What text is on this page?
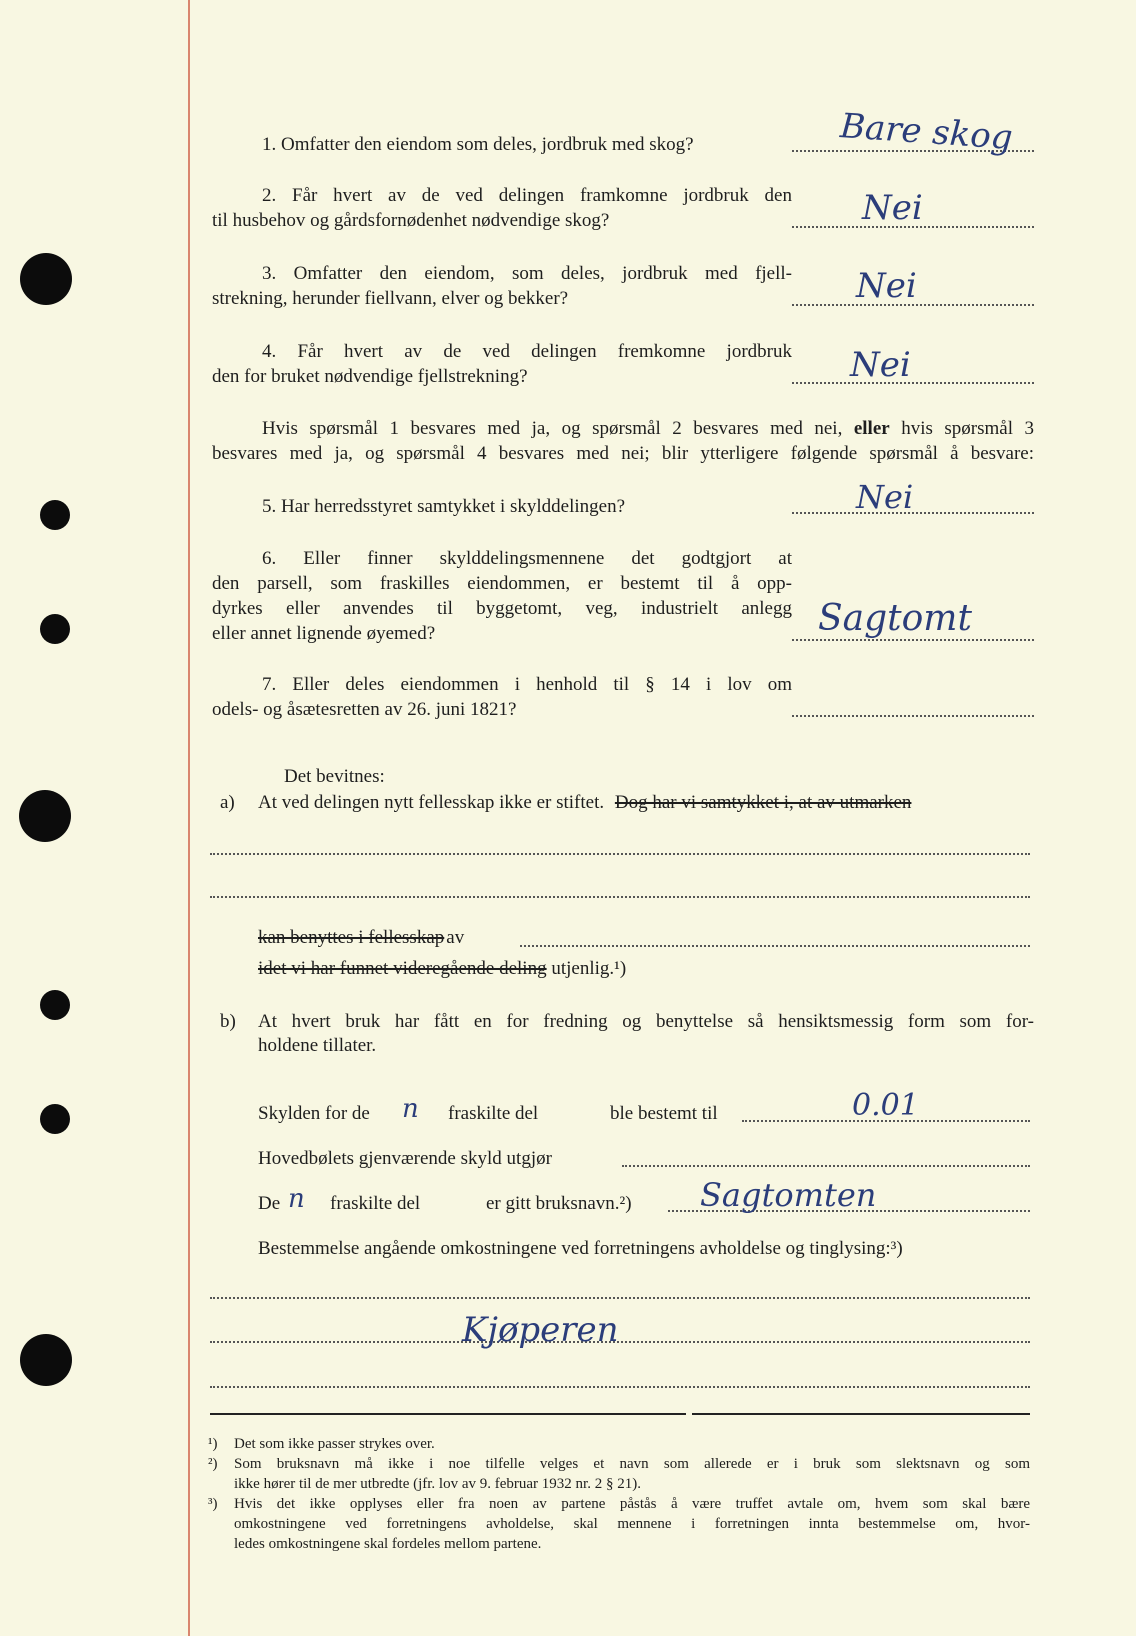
1. Omfatter den eiendom som deles, jordbruk med skog?	Bare skog
2. Får hvert av de ved delingen framkomne jordbruk den
til husbehov og gårdsfornødenhet nødvendige skog?	Nei
3. Omfatter den eiendom, som deles, jordbruk med fjell-
strekning, herunder fiellvann, elver og bekker?	Nei
4. Får hvert av de ved delingen fremkomne jordbruk
den for bruket nødvendige fjellstrekning?	Nei
Hvis spørsmål 1 besvares med ja, og spørsmål 2 besvares med nei, eller hvis spørsmål 3
besvares med ja, og spørsmål 4 besvares med nei; blir ytterligere følgende spørsmål å besvare:
5. Har herredsstyret samtykket i skylddelingen?	Nei
6. Eller finner skylddelingsmennene det godtgjort at
den parsell, som fraskilles eiendommen, er bestemt til å opp-
dyrkes eller anvendes til byggetomt, veg, industrielt anlegg
eller annet lignende øyemed?	Sagtomt
7. Eller deles eiendommen i henhold til § 14 i lov om
odels- og åsætesretten av 26. juni 1821?
Det bevitnes:
a) At ved delingen nytt fellesskap ikke er stiftet. Dog har vi samtykket i, at av utmarken
kan benyttes i fellesskap av
idet vi har funnet videregående deling utjenlig.¹)
b) At hvert bruk har fått en for fredning og benyttelse så hensiktsmessig form som for-
holdene tillater.
Skylden for de n fraskilte del	ble bestemt til	0.01
Hovedbølets gjenværende skyld utgjør
De n fraskilte del	er gitt bruksnavn.²) Sagtomten
Bestemmelse angående omkostningene ved forretningens avholdelse og tinglysing:³)
Kjøperen
¹) Det som ikke passer strykes over.
²) Som bruksnavn må ikke i noe tilfelle velges et navn som allerede er i bruk som slektsnavn og som
ikke hører til de mer utbredte (jfr. lov av 9. februar 1932 nr. 2 § 21).
³) Hvis det ikke opplyses eller fra noen av partene påstås å være truffet avtale om, hvem som skal bære
omkostningene ved forretningens avholdelse, skal mennene i forretningen innta bestemmelse om, hvor-
ledes omkostningene skal fordeles mellom partene.
